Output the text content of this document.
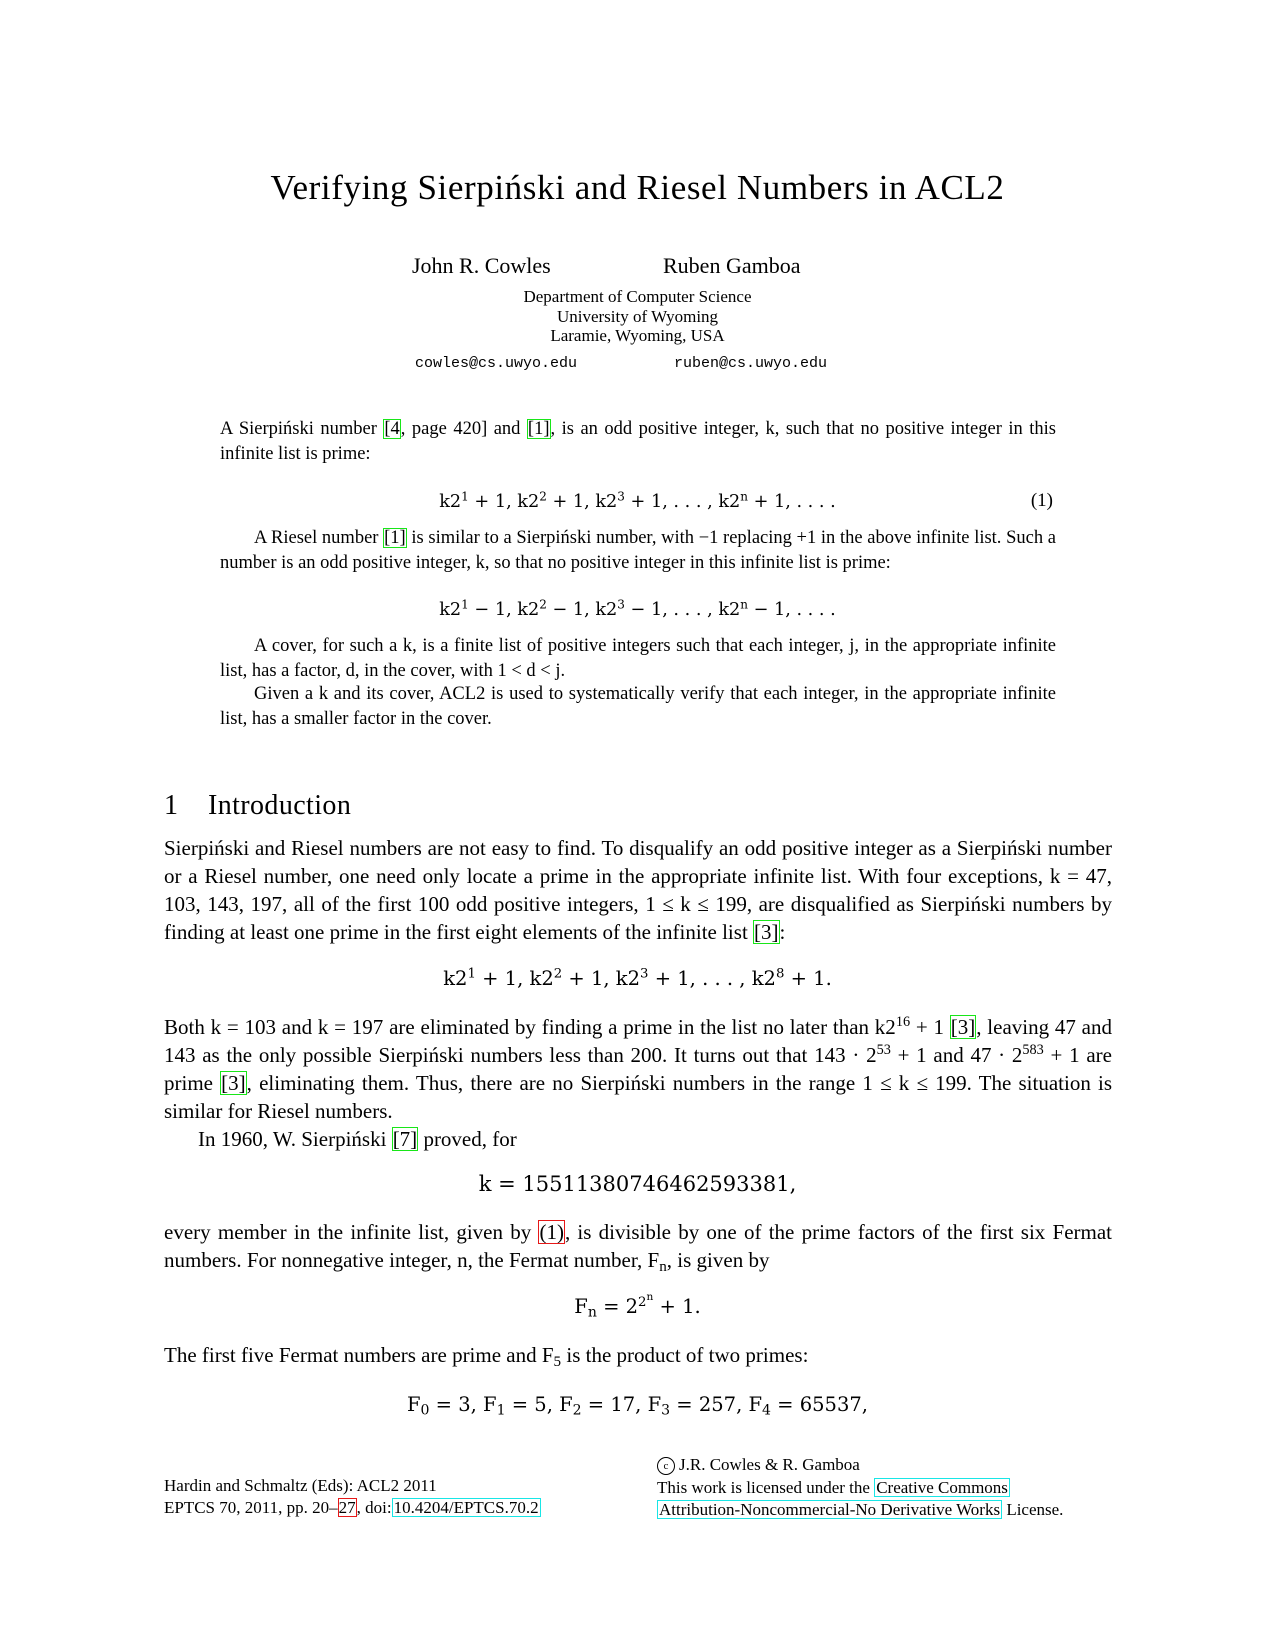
Verifying Sierpiński and Riesel Numbers in ACL2
John R. Cowles	Ruben Gamboa
Department of Computer Science
University of Wyoming
Laramie, Wyoming, USA
cowles@cs.uwyo.edu	ruben@cs.uwyo.edu
A Sierpiński number [4, page 420] and [1], is an odd positive integer, k, such that no positive integer in this infinite list is prime:
$k2^1 + 1$, $k2^2 + 1$, $k2^3 + 1$, . . . , $k2^n + 1$, . . . .	(1)
A Riesel number [1] is similar to a Sierpiński number, with −1 replacing +1 in the above infinite list. Such a number is an odd positive integer, k, so that no positive integer in this infinite list is prime:
$k2^1 - 1$, $k2^2 - 1$, $k2^3 - 1$, . . . , $k2^n - 1$, . . . .
A cover, for such a k, is a finite list of positive integers such that each integer, j, in the appropriate infinite list, has a factor, d, in the cover, with 1 < d < j.
Given a k and its cover, ACL2 is used to systematically verify that each integer, in the appropriate infinite list, has a smaller factor in the cover.
1 Introduction
Sierpiński and Riesel numbers are not easy to find. To disqualify an odd positive integer as a Sierpiński number or a Riesel number, one need only locate a prime in the appropriate infinite list. With four exceptions, k = 47, 103, 143, 197, all of the first 100 odd positive integers, 1 ≤ k ≤ 199, are disqualified as Sierpiński numbers by finding at least one prime in the first eight elements of the infinite list [3]:
$k2^1 + 1$, $k2^2 + 1$, $k2^3 + 1$, . . . , $k2^8 + 1$.
Both k = 103 and k = 197 are eliminated by finding a prime in the list no later than $k2^{16} + 1$ [3], leaving 47 and 143 as the only possible Sierpiński numbers less than 200. It turns out that $143 \cdot 2^{53} + 1$ and $47 \cdot 2^{583} + 1$ are prime [3], eliminating them. Thus, there are no Sierpiński numbers in the range 1 ≤ k ≤ 199. The situation is similar for Riesel numbers.
In 1960, W. Sierpiński [7] proved, for
k = 15511380746462593381,
every member in the infinite list, given by (1), is divisible by one of the prime factors of the first six Fermat numbers. For nonnegative integer, n, the Fermat number, $F_n$, is given by
$F_n = 2^{2^n} + 1$.
The first five Fermat numbers are prime and $F_5$ is the product of two primes:
$F_0 = 3$, $F_1 = 5$, $F_2 = 17$, $F_3 = 257$, $F_4 = 65537$,
Hardin and Schmaltz (Eds): ACL2 2011
EPTCS 70, 2011, pp. 20–27, doi: 10.4204/EPTCS.70.2
c J.R. Cowles & R. Gamboa
This work is licensed under the Creative Commons
Attribution-Noncommercial-No Derivative Works License.
